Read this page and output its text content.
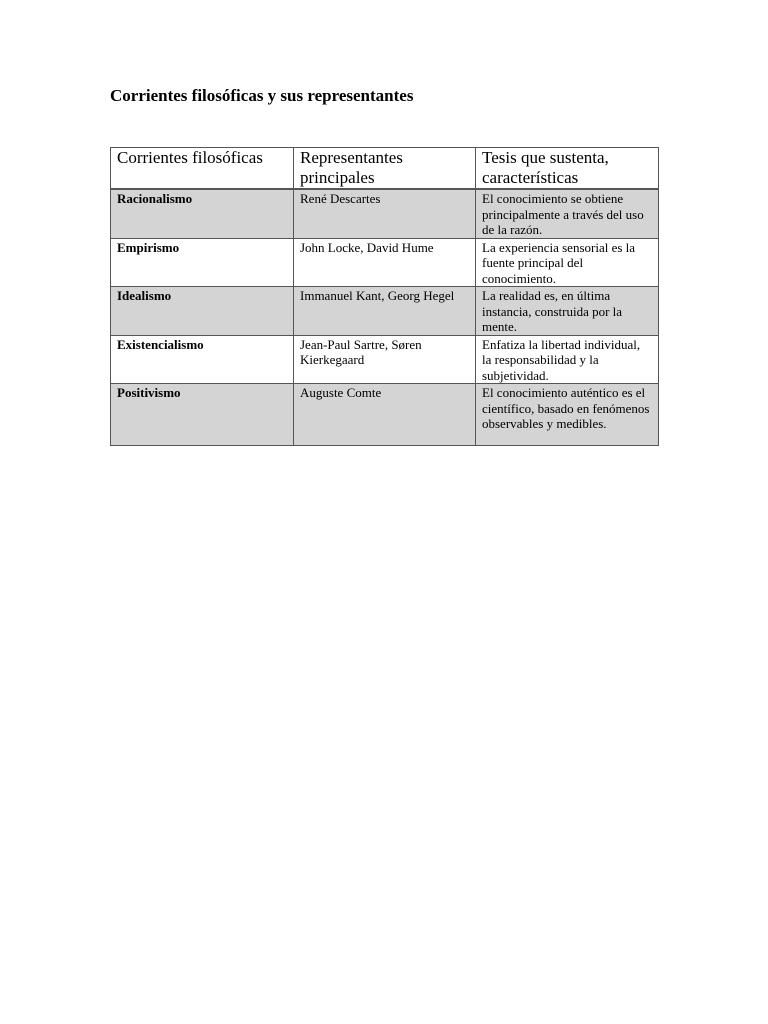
Corrientes filosóficas y sus representantes
Corrientes filosóficas	Representantes principales	Tesis que sustenta, características
Racionalismo	René Descartes	El conocimiento se obtiene principalmente a través del uso de la razón.
Empirismo	John Locke, David Hume	La experiencia sensorial es la fuente principal del conocimiento.
Idealismo	Immanuel Kant, Georg Hegel	La realidad es, en última instancia, construida por la mente.
Existencialismo	Jean-Paul Sartre, Søren Kierkegaard	Enfatiza la libertad individual, la responsabilidad y la subjetividad.
Positivismo	Auguste Comte	El conocimiento auténtico es el científico, basado en fenómenos observables y medibles.
